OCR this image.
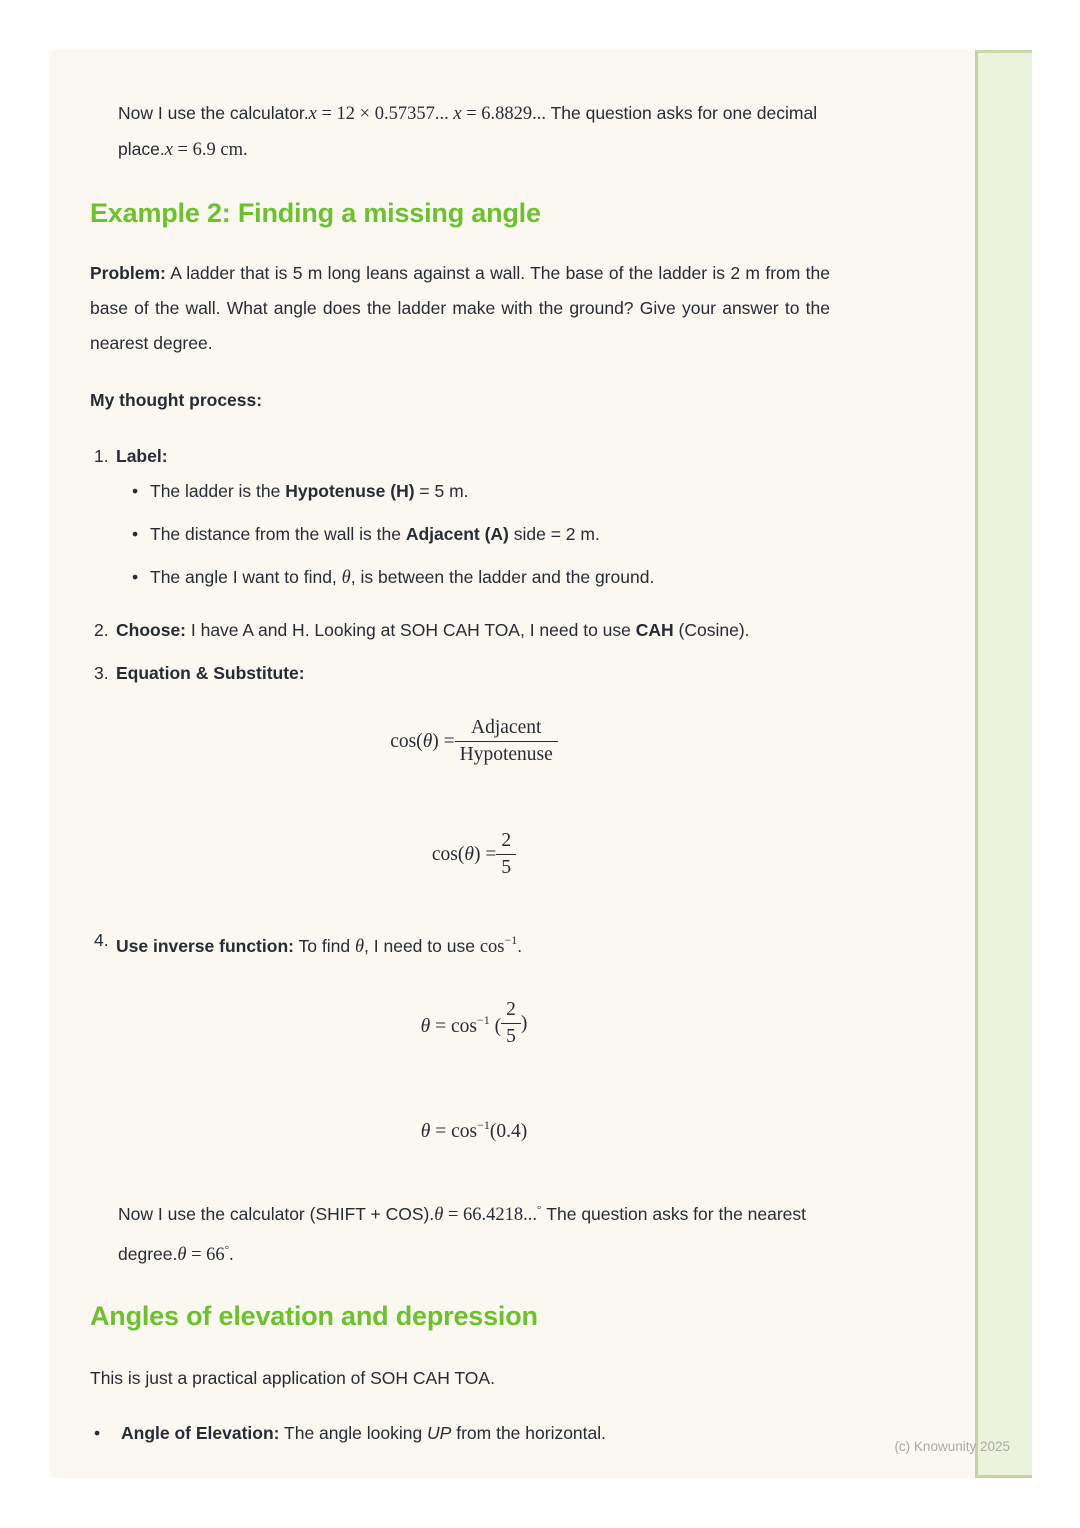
Now I use the calculator.x = 12 × 0.57357... x = 6.8829... The question asks for one decimal place.x = 6.9 cm.

Example 2: Finding a missing angle

Problem: A ladder that is 5 m long leans against a wall. The base of the ladder is 2 m from the base of the wall. What angle does the ladder make with the ground? Give your answer to the nearest degree.

My thought process:

1. Label:
• The ladder is the Hypotenuse (H) = 5 m.
• The distance from the wall is the Adjacent (A) side = 2 m.
• The angle I want to find, θ, is between the ladder and the ground.
2. Choose: I have A and H. Looking at SOH CAH TOA, I need to use CAH (Cosine).
3. Equation & Substitute:
$\cos(\theta) = \frac{\text{Adjacent}}{\text{Hypotenuse}}$
$\cos(\theta) = \frac{2}{5}$
4. Use inverse function: To find θ, I need to use $\cos^{-1}$.
$\theta = \cos^{-1}$ ( $\frac{2}{5}$ )
$\theta = \cos^{-1}(0.4)$

Now I use the calculator (SHIFT + COS).θ = 66.4218...° The question asks for the nearest degree.θ = 66°.

Angles of elevation and depression

This is just a practical application of SOH CAH TOA.

•	Angle of Elevation: The angle looking UP from the horizontal.
(c) Knowunity 2025
